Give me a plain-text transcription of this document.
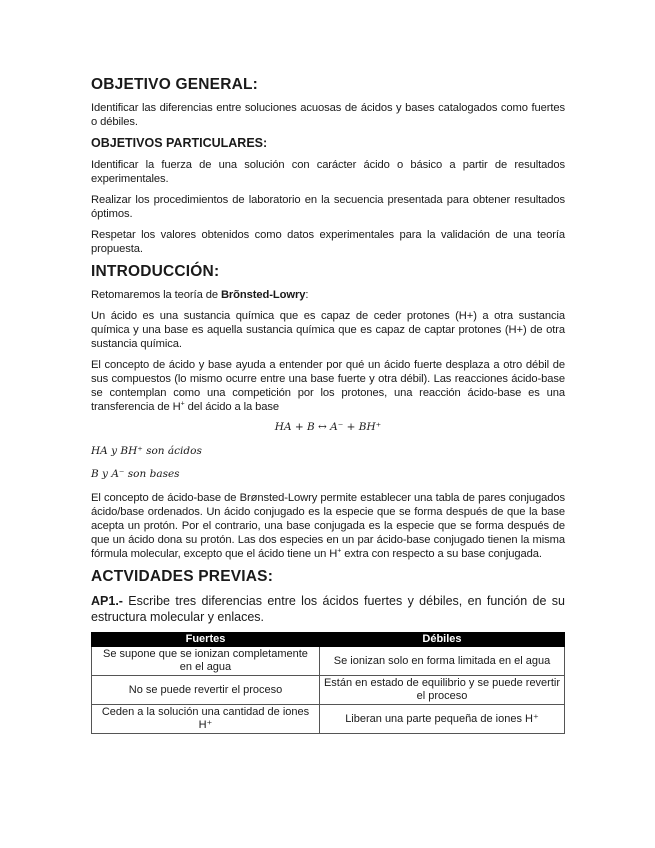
OBJETIVO GENERAL:

Identificar las diferencias entre soluciones acuosas de ácidos y bases catalogados como fuertes o débiles.

OBJETIVOS PARTICULARES:

Identificar la fuerza de una solución con carácter ácido o básico a partir de resultados experimentales.

Realizar los procedimientos de laboratorio en la secuencia presentada para obtener resultados óptimos.

Respetar los valores obtenidos como datos experimentales para la validación de una teoría propuesta.

INTRODUCCIÓN:

Retomaremos la teoría de Brõnsted-Lowry:

Un ácido es una sustancia química que es capaz de ceder protones (H+) a otra sustancia química y una base es aquella sustancia química que es capaz de captar protones (H+) de otra sustancia química.

El concepto de ácido y base ayuda a entender por qué un ácido fuerte desplaza a otro débil de sus compuestos (lo mismo ocurre entre una base fuerte y otra débil). Las reacciones ácido-base se contemplan como una competición por los protones, una reacción ácido-base es una transferencia de H+ del ácido a la base

HA + B ↔ A⁻ + BH⁺
HA y BH⁺ son ácidos
B y A⁻ son bases

El concepto de ácido-base de Brønsted-Lowry permite establecer una tabla de pares conjugados ácido/base ordenados. Un ácido conjugado es la especie que se forma después de que la base acepta un protón. Por el contrario, una base conjugada es la especie que se forma después de que un ácido dona su protón. Las dos especies en un par ácido-base conjugado tienen la misma fórmula molecular, excepto que el ácido tiene un H+ extra con respecto a su base conjugada.

ACTVIDADES PREVIAS:
AP1.- Escribe tres diferencias entre los ácidos fuertes y débiles, en función de su estructura molecular y enlaces.
Fuertes	Débiles
Se supone que se ionizan completamente en el agua	Se ionizan solo en forma limitada en el agua
No se puede revertir el proceso	Están en estado de equilibrio y se puede revertir el proceso
Ceden a la solución una cantidad de iones H⁺	Liberan una parte pequeña de iones H⁺
